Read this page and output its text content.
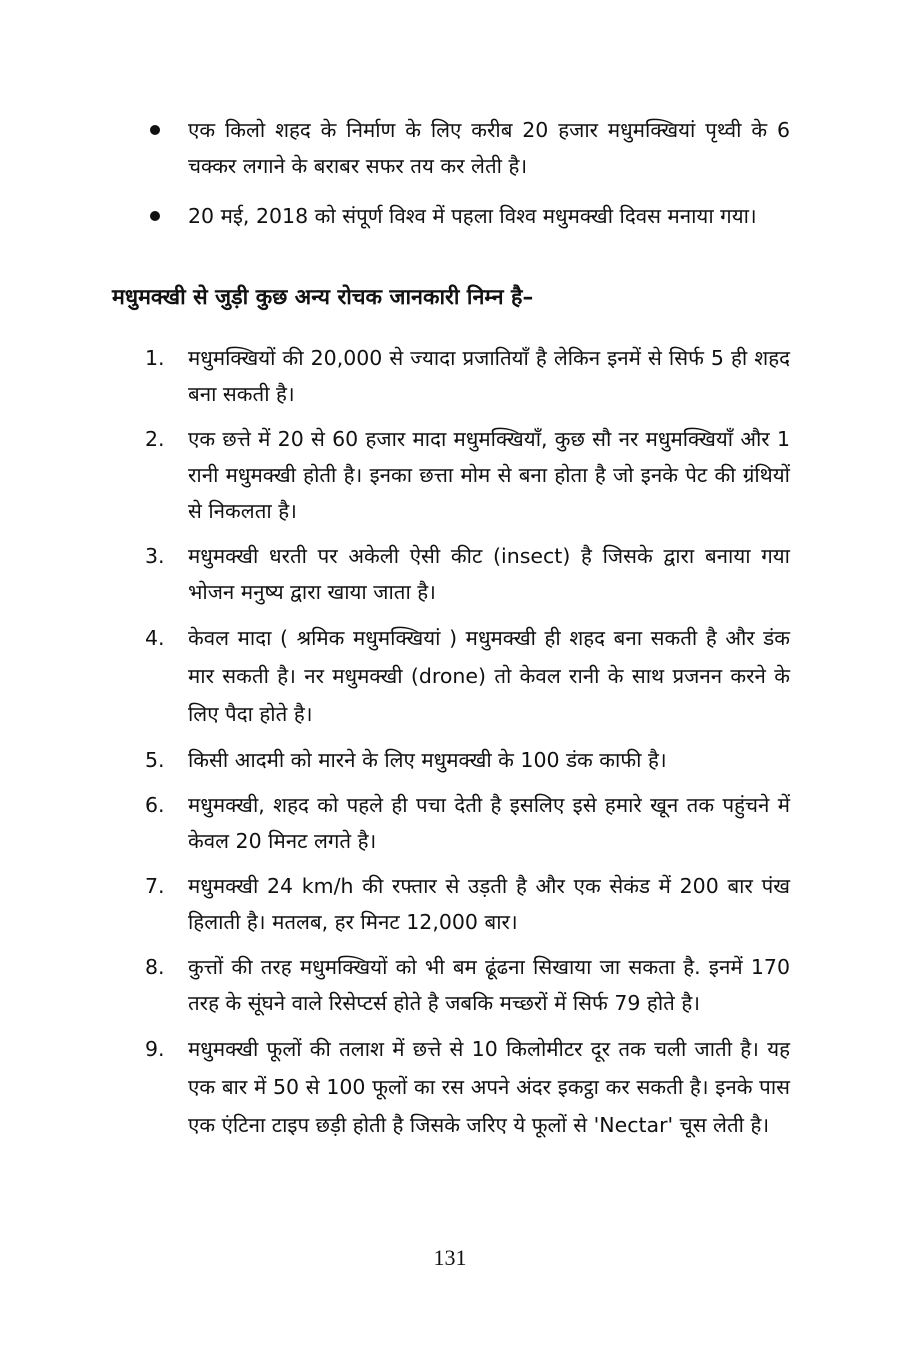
एक किलो शहद के निर्माण के लिए करीब 20 हजार मधुमक्खियां पृथ्वी के 6 चक्कर लगाने के बराबर सफर तय कर लेती है।
20 मई, 2018 को संपूर्ण विश्व में पहला विश्व मधुमक्खी दिवस मनाया गया।
मधुमक्खी से जुड़ी कुछ अन्य रोचक जानकारी निम्न है–
1. मधुमक्खियों की 20,000 से ज्यादा प्रजातियाँ है लेकिन इनमें से सिर्फ 5 ही शहद बना सकती है।
2. एक छत्ते में 20 से 60 हजार मादा मधुमक्खियाँ, कुछ सौ नर मधुमक्खियाँ और 1 रानी मधुमक्खी होती है। इनका छत्ता मोम से बना होता है जो इनके पेट की ग्रंथियों से निकलता है।
3. मधुमक्खी धरती पर अकेली ऐसी कीट (insect) है जिसके द्वारा बनाया गया भोजन मनुष्य द्वारा खाया जाता है।
4. केवल मादा ( श्रमिक मधुमक्खियां ) मधुमक्खी ही शहद बना सकती है और डंक मार सकती है। नर मधुमक्खी (drone) तो केवल रानी के साथ प्रजनन करने के लिए पैदा होते है।
5. किसी आदमी को मारने के लिए मधुमक्खी के 100 डंक काफी है।
6. मधुमक्खी, शहद को पहले ही पचा देती है इसलिए इसे हमारे खून तक पहुंचने में केवल 20 मिनट लगते है।
7. मधुमक्खी 24 km/h की रफ्तार से उड़ती है और एक सेकंड में 200 बार पंख हिलाती है। मतलब, हर मिनट 12,000 बार।
8. कुत्तों की तरह मधुमक्खियों को भी बम ढूंढना सिखाया जा सकता है. इनमें 170 तरह के सूंघने वाले रिसेप्टर्स होते है जबकि मच्छरों में सिर्फ 79 होते है।
9. मधुमक्खी फूलों की तलाश में छत्ते से 10 किलोमीटर दूर तक चली जाती है। यह एक बार में 50 से 100 फूलों का रस अपने अंदर इकट्ठा कर सकती है। इनके पास एक एंटिना टाइप छड़ी होती है जिसके जरिए ये फूलों से 'Nectar' चूस लेती है।
131
